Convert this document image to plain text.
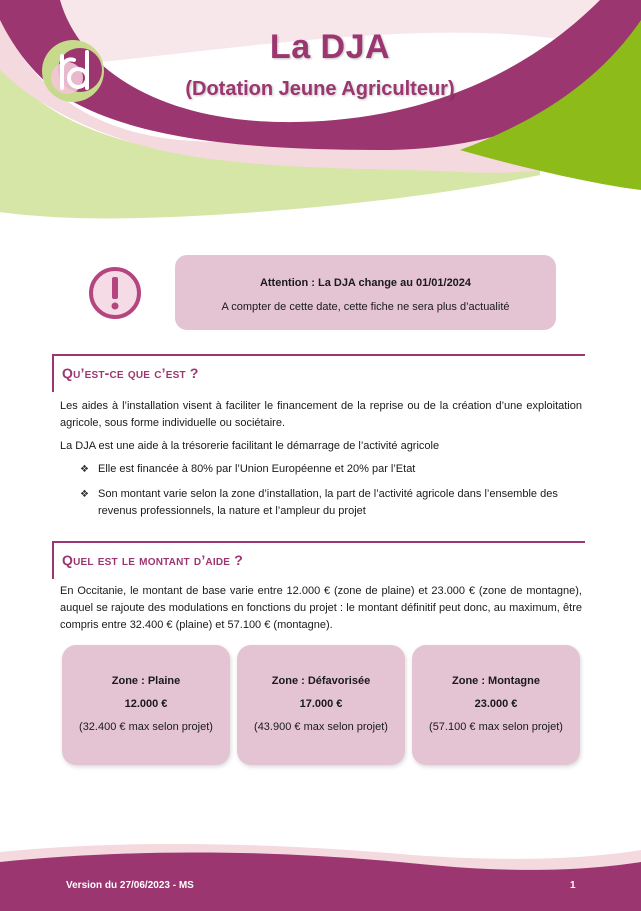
La DJA
(Dotation Jeune Agriculteur)
Attention : La DJA change au 01/01/2024
A compter de cette date, cette fiche ne sera plus d’actualité
Qu’est-ce que c’est ?
Les aides à l’installation visent à faciliter le financement de la reprise ou de la création d’une exploitation agricole, sous forme individuelle ou sociétaire.
La DJA est une aide à la trésorerie facilitant le démarrage de l’activité agricole
❖ Elle est financée à 80% par l’Union Européenne et 20% par l’Etat
❖ Son montant varie selon la zone d’installation, la part de l’activité agricole dans l’ensemble des revenus professionnels, la nature et l’ampleur du projet
Quel est le montant d’aide ?
En Occitanie, le montant de base varie entre 12.000 € (zone de plaine) et 23.000 € (zone de montagne), auquel se rajoute des modulations en fonctions du projet : le montant définitif peut donc, au maximum, être compris entre 32.400 € (plaine) et 57.100 € (montagne).
Zone : Plaine
12.000 €
(32.400 € max selon projet)
Zone : Défavorisée
17.000 €
(43.900 € max selon projet)
Zone : Montagne
23.000 €
(57.100 € max selon projet)
Version du 27/06/2023 - MS	1
